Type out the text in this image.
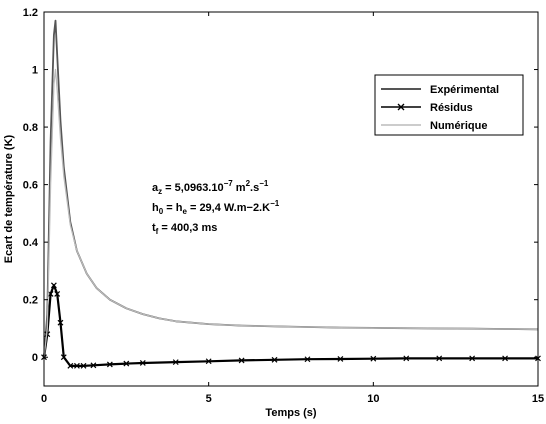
0	5	10	15
0
0.2
0.4
0.6
0.8
1
1.2
Temps (s)
Ecart de température (K)
Expérimental
Résidus
Numérique
$a_z = 5,0963.10^{-7}$ $m^2.s^{-1}$
$h_0 = h_e = 29,4$ $W.m-2.K^{-1}$
$t_f = 400,3$ ms
